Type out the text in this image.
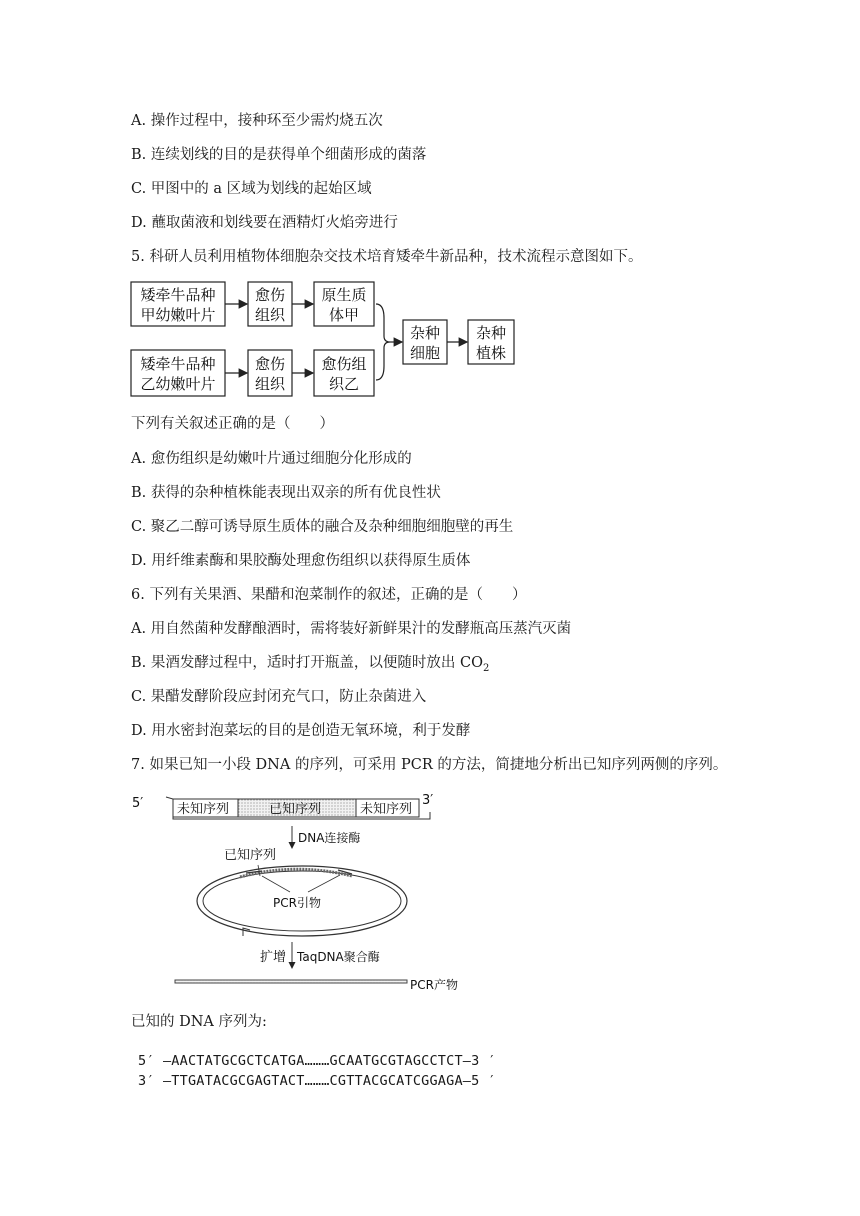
A. 操作过程中，接种环至少需灼烧五次
B. 连续划线的目的是获得单个细菌形成的菌落
C. 甲图中的 a 区域为划线的起始区域
D. 蘸取菌液和划线要在酒精灯火焰旁进行
5. 科研人员利用植物体细胞杂交技术培育矮牵牛新品种，技术流程示意图如下。
矮牵牛品种
甲幼嫩叶片
愈伤
组织
原生质
体甲
矮牵牛品种
乙幼嫩叶片
愈伤
组织
愈伤组
织乙
杂种
细胞
杂种
植株
下列有关叙述正确的是（　　）
A. 愈伤组织是幼嫩叶片通过细胞分化形成的
B. 获得的杂种植株能表现出双亲的所有优良性状
C. 聚乙二醇可诱导原生质体的融合及杂种细胞细胞壁的再生
D. 用纤维素酶和果胶酶处理愈伤组织以获得原生质体
6. 下列有关果酒、果醋和泡菜制作的叙述，正确的是（　　）
A. 用自然菌种发酵酿酒时，需将装好新鲜果汁的发酵瓶高压蒸汽灭菌
B. 果酒发酵过程中，适时打开瓶盖，以便随时放出 $CO_2$
C. 果醋发酵阶段应封闭充气口，防止杂菌进入
D. 用水密封泡菜坛的目的是创造无氧环境，利于发酵
7. 如果已知一小段 DNA 的序列，可采用 PCR 的方法，简捷地分析出已知序列两侧的序列。
5′	3′
未知序列	已知序列	未知序列
DNA连接酶
已知序列
PCR引物
扩增 TaqDNA聚合酶
PCR产物
已知的 DNA 序列为:
5′ —AACTATGCGCTCATGA………GCAATGCGTAGCCTCT—3 ′
3′ —TTGATACGCGAGTACT………CGTTACGCATCGGAGA—5 ′
